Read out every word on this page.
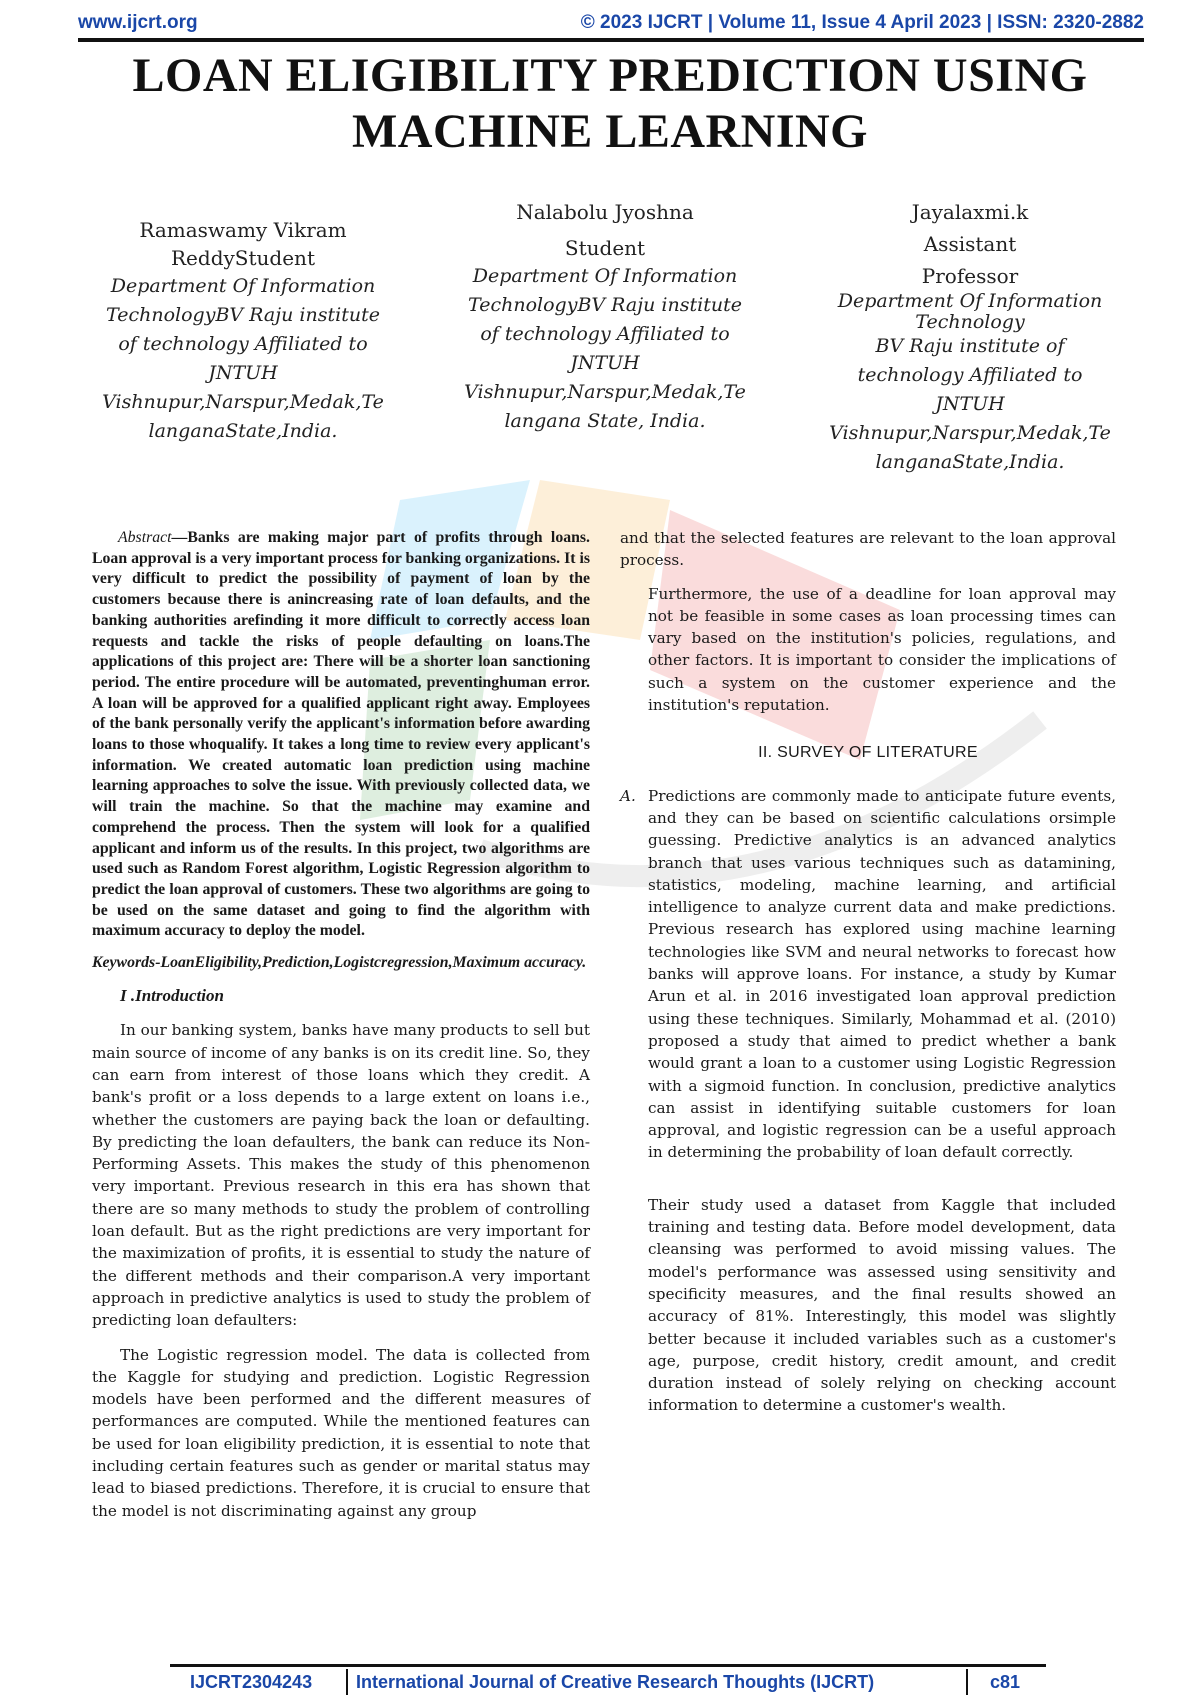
www.ijcrt.org	© 2023 IJCRT | Volume 11, Issue 4 April 2023 | ISSN: 2320-2882
LOAN ELIGIBILITY PREDICTION USING
MACHINE LEARNING
Ramaswamy Vikram
ReddyStudent
Department Of Information
TechnologyBV Raju institute
of technology Affiliated to
JNTUH
Vishnupur,Narspur,Medak,Te
langanaState,India.
Nalabolu Jyoshna
Student
Department Of Information
TechnologyBV Raju institute
of technology Affiliated to
JNTUH
Vishnupur,Narspur,Medak,Te
langana State, India.
Jayalaxmi.k
Assistant
Professor
Department Of Information
Technology
BV Raju institute of
technology Affiliated to
JNTUH
Vishnupur,Narspur,Medak,Te
langanaState,India.

Abstract—Banks are making major part of profits through loans. Loan approval is a very important process for banking organizations. It is very difficult to predict the possibility of payment of loan by the customers because there is anincreasing rate of loan defaults, and the banking authorities arefinding it more difficult to correctly access loan requests and tackle the risks of people defaulting on loans.The applications of this project are: There will be a shorter loan sanctioning period. The entire procedure will be automated, preventinghuman error. A loan will be approved for a qualified applicant right away. Employees of the bank personally verify the applicant's information before awarding loans to those whoqualify. It takes a long time to review every applicant's information. We created automatic loan prediction using machine learning approaches to solve the issue. With previously collected data, we will train the machine. So that the machine may examine and comprehend the process. Then the system will look for a qualified applicant and inform us of the results. In this project, two algorithms are used such as Random Forest algorithm, Logistic Regression algorithm to predict the loan approval of customers. These two algorithms are going to be used on the same dataset and going to find the algorithm with maximum accuracy to deploy the model.

Keywords-LoanEligibility,Prediction,Logistcregression,Maximum accuracy.

I .Introduction

In our banking system, banks have many products to sell but main source of income of any banks is on its credit line. So, they can earn from interest of those loans which they credit. A bank's profit or a loss depends to a large extent on loans i.e., whether the customers are paying back the loan or defaulting. By predicting the loan defaulters, the bank can reduce its Non- Performing Assets. This makes the study of this phenomenon very important. Previous research in this era has shown that there are so many methods to study the problem of controlling loan default. But as the right predictions are very important for the maximization of profits, it is essential to study the nature of the different methods and their comparison.A very important approach in predictive analytics is used to study the problem of predicting loan defaulters:

The Logistic regression model. The data is collected from the Kaggle for studying and prediction. Logistic Regression models have been performed and the different measures of performances are computed. While the mentioned features can be used for loan eligibility prediction, it is essential to note that including certain features such as gender or marital status may lead to biased predictions. Therefore, it is crucial to ensure that the model is not discriminating against any group

and that the selected features are relevant to the loan approval process.

Furthermore, the use of a deadline for loan approval may not be feasible in some cases as loan processing times can vary based on the institution's policies, regulations, and other factors. It is important to consider the implications of such a system on the customer experience and the institution's reputation.

II. SURVEY OF LITERATURE

A. Predictions are commonly made to anticipate future events, and they can be based on scientific calculations orsimple guessing. Predictive analytics is an advanced analytics branch that uses various techniques such as datamining, statistics, modeling, machine learning, and artificial intelligence to analyze current data and make predictions. Previous research has explored using machine learning technologies like SVM and neural networks to forecast how banks will approve loans. For instance, a study by Kumar Arun et al. in 2016 investigated loan approval prediction using these techniques. Similarly, Mohammad et al. (2010) proposed a study that aimed to predict whether a bank would grant a loan to a customer using Logistic Regression with a sigmoid function. In conclusion, predictive analytics can assist in identifying suitable customers for loan approval, and logistic regression can be a useful approach in determining the probability of loan default correctly.

Their study used a dataset from Kaggle that included training and testing data. Before model development, data cleansing was performed to avoid missing values. The model's performance was assessed using sensitivity and specificity measures, and the final results showed an accuracy of 81%. Interestingly, this model was slightly better because it included variables such as a customer's age, purpose, credit history, credit amount, and credit duration instead of solely relying on checking account information to determine a customer's wealth.

IJCRT2304243 International Journal of Creative Research Thoughts (IJCRT)	c81
